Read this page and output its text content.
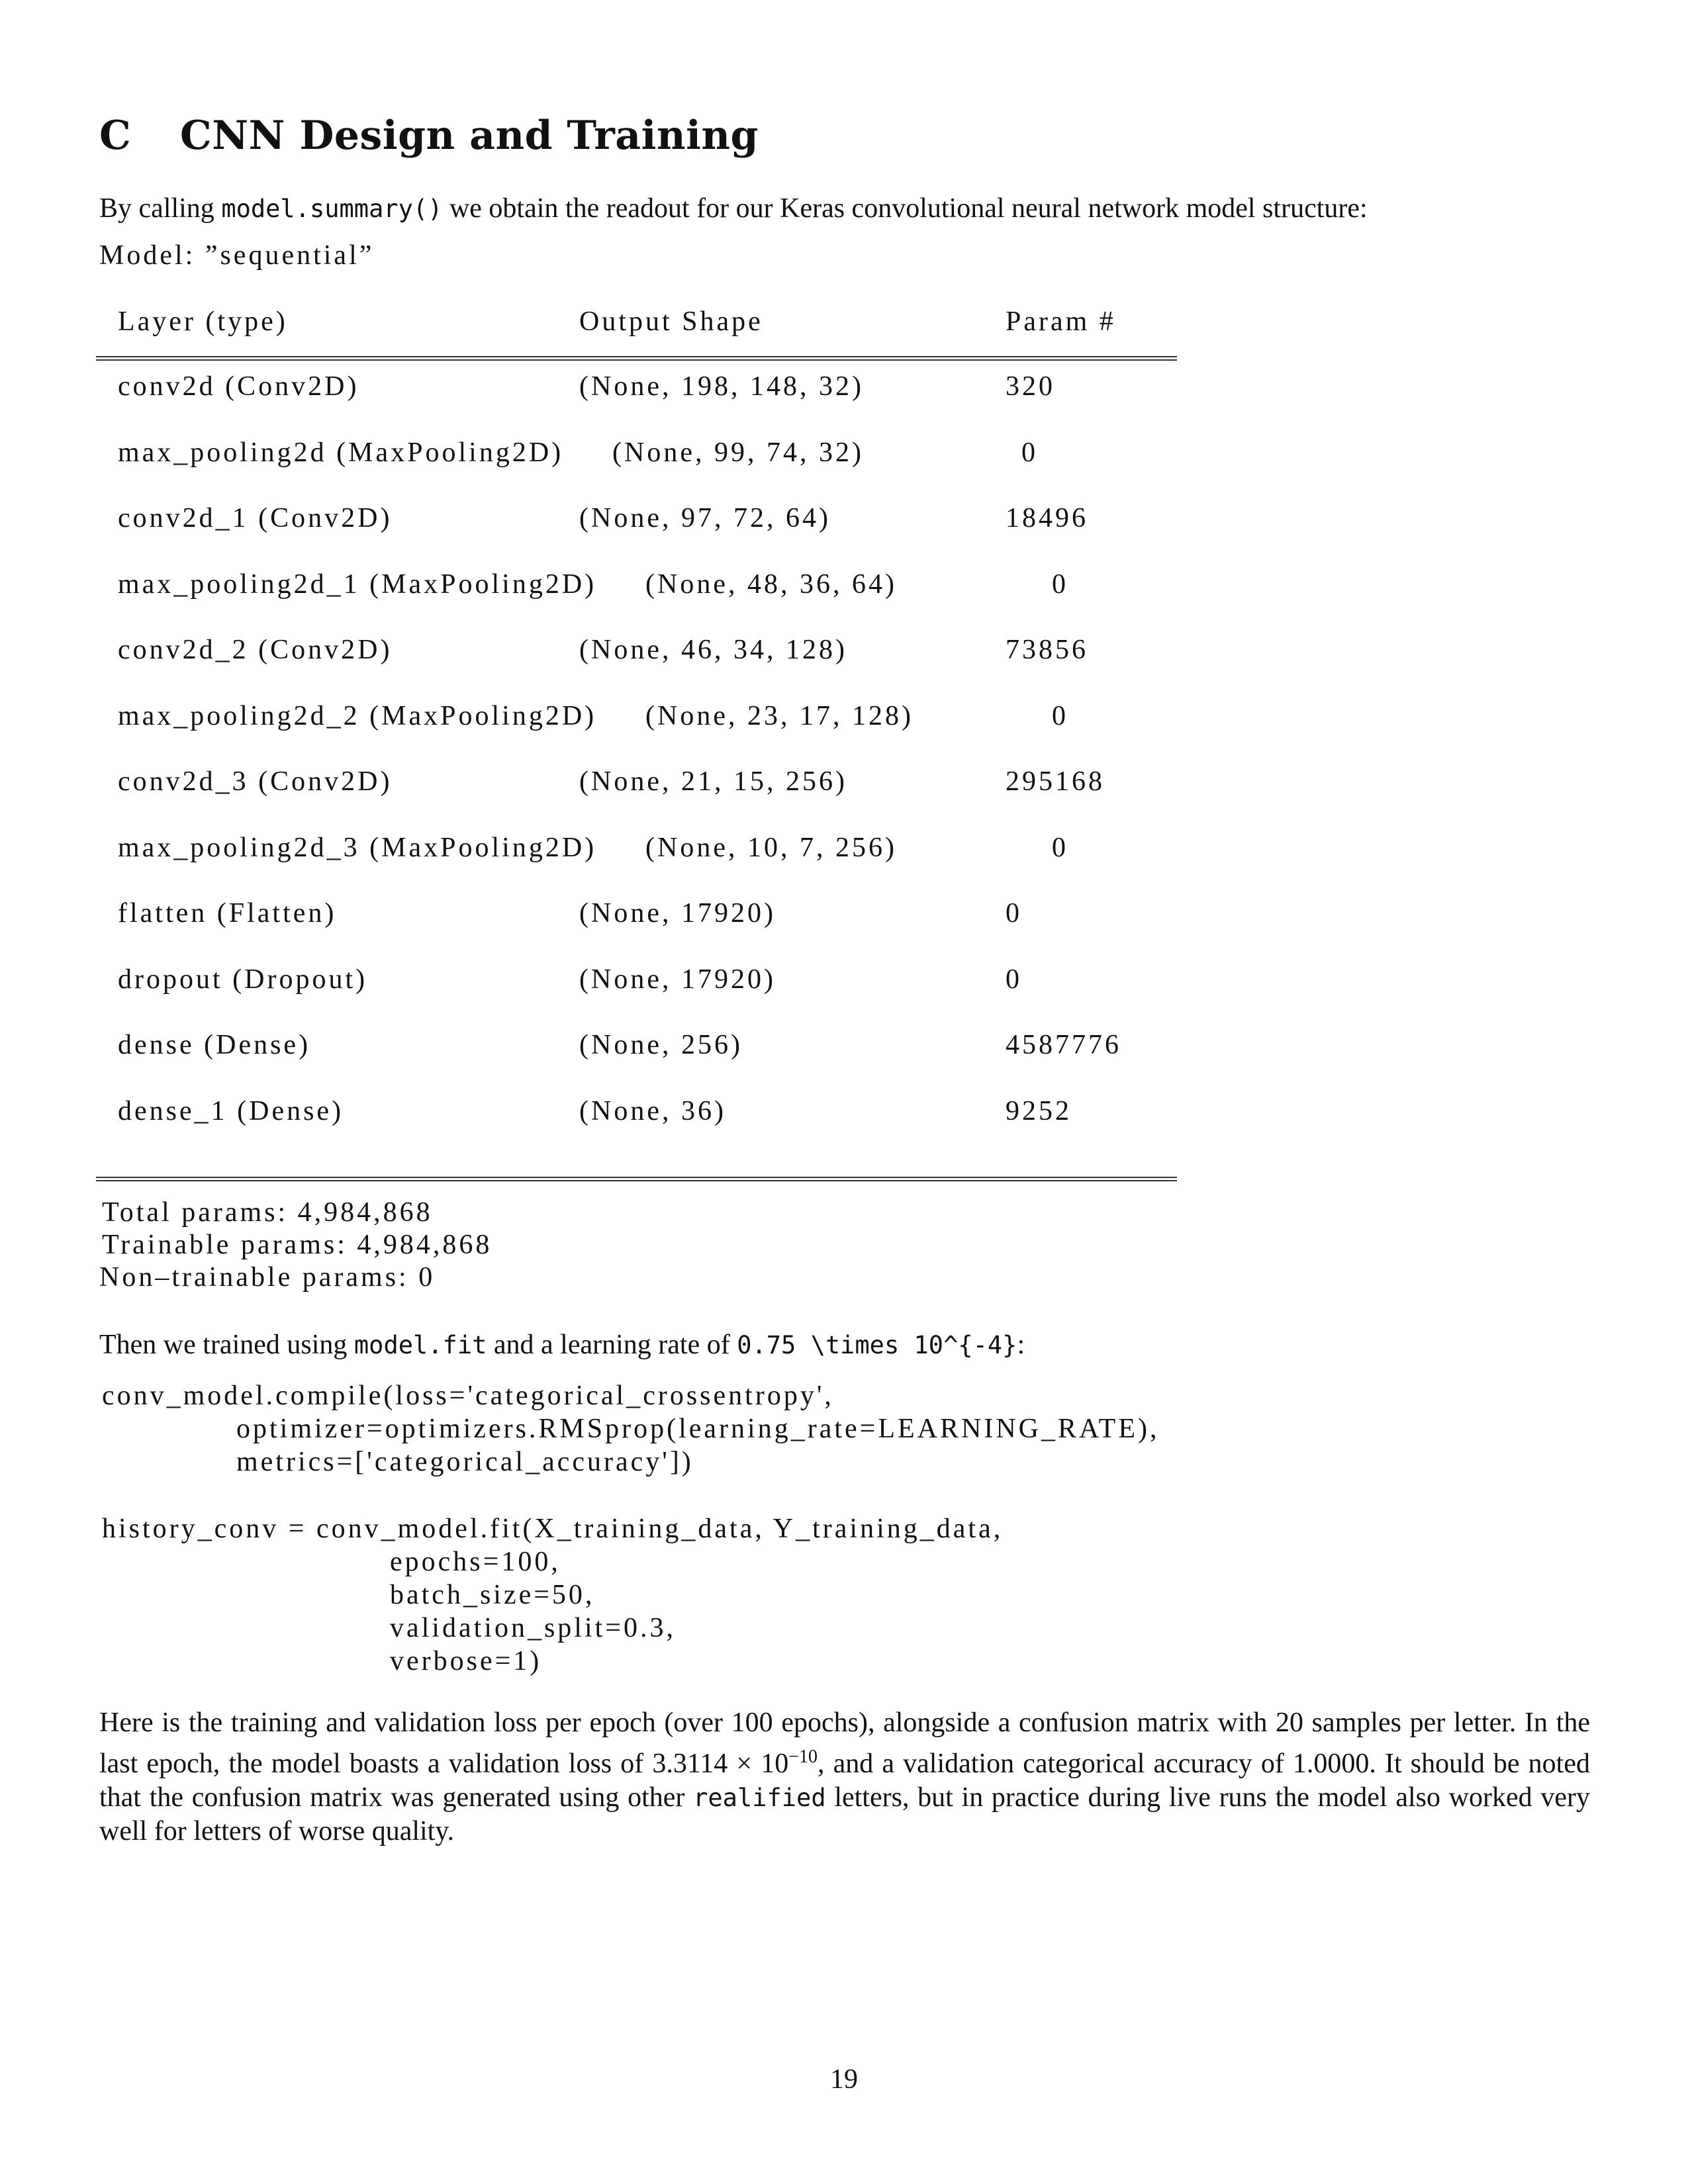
C CNN Design and Training

By calling model.summary() we obtain the readout for our Keras convolutional neural network model structure:

Model: ”sequential”
Layer (type)	Output Shape	Param #
conv2d (Conv2D)	(None, 198, 148, 32)	320
max_pooling2d (MaxPooling2D) (None, 99, 74, 32)	0
conv2d_1 (Conv2D)	(None, 97, 72, 64)	18496
max_pooling2d_1 (MaxPooling2D) (None, 48, 36, 64)	0
conv2d_2 (Conv2D)	(None, 46, 34, 128)	73856
max_pooling2d_2 (MaxPooling2D) (None, 23, 17, 128)	0
conv2d_3 (Conv2D)	(None, 21, 15, 256)	295168
max_pooling2d_3 (MaxPooling2D) (None, 10, 7, 256)	0
flatten (Flatten)	(None, 17920)	0
dropout (Dropout)	(None, 17920)	0
dense (Dense)	(None, 256)	4587776
dense_1 (Dense)	(None, 36)	9252
Total params: 4,984,868
Trainable params: 4,984,868
Non–trainable params: 0

Then we trained using model.fit and a learning rate of 0.75 \times 10^{-4}:

conv_model.compile(loss='categorical_crossentropy',
optimizer=optimizers.RMSprop(learning_rate=LEARNING_RATE),
metrics=['categorical_accuracy'])
history_conv = conv_model.fit(X_training_data, Y_training_data,
epochs=100,
batch_size=50,
validation_split=0.3,
verbose=1)

Here is the training and validation loss per epoch (over 100 epochs), alongside a confusion matrix with 20 samples per letter. In the last epoch, the model boasts a validation loss of $3.3114 \times 10^{-10}$, and a validation categorical accuracy of 1.0000. It should be noted that the confusion matrix was generated using other realified letters, but in practice during live runs the model also worked very well for letters of worse quality.

19
